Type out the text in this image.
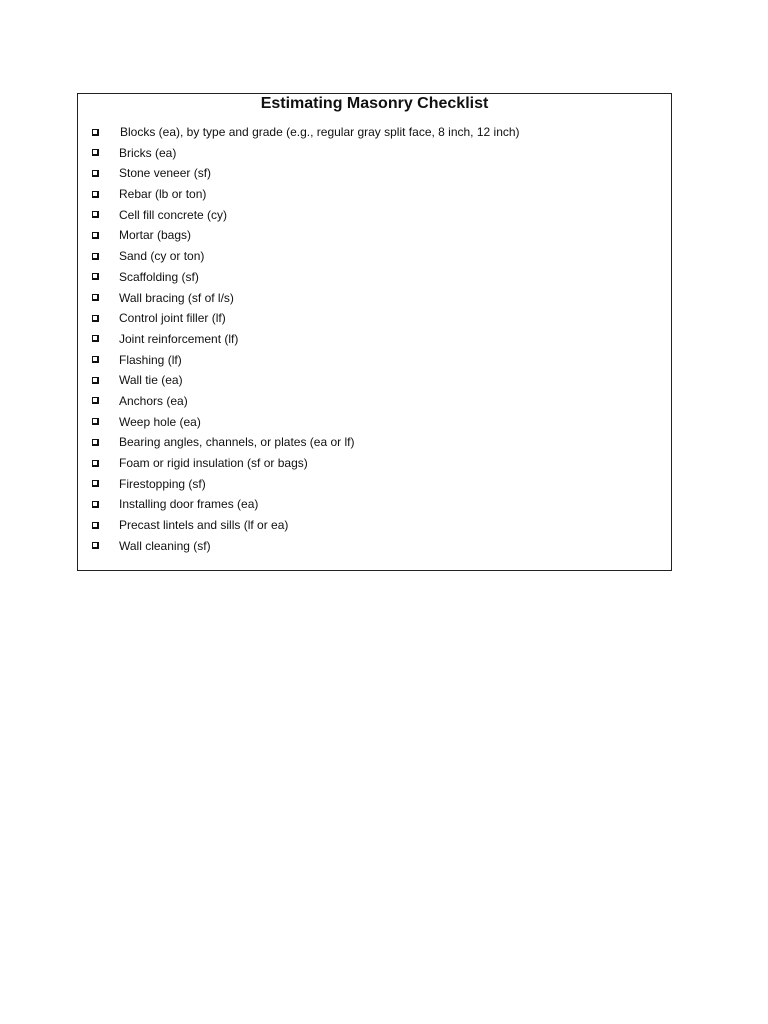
Estimating Masonry Checklist
Blocks (ea), by type and grade (e.g., regular gray split face, 8 inch, 12 inch)
Bricks (ea)
Stone veneer (sf)
Rebar (lb or ton)
Cell fill concrete (cy)
Mortar (bags)
Sand (cy or ton)
Scaffolding (sf)
Wall bracing (sf of l/s)
Control joint filler (lf)
Joint reinforcement (lf)
Flashing (lf)
Wall tie (ea)
Anchors (ea)
Weep hole (ea)
Bearing angles, channels, or plates (ea or lf)
Foam or rigid insulation (sf or bags)
Firestopping (sf)
Installing door frames (ea)
Precast lintels and sills (lf or ea)
Wall cleaning (sf)
